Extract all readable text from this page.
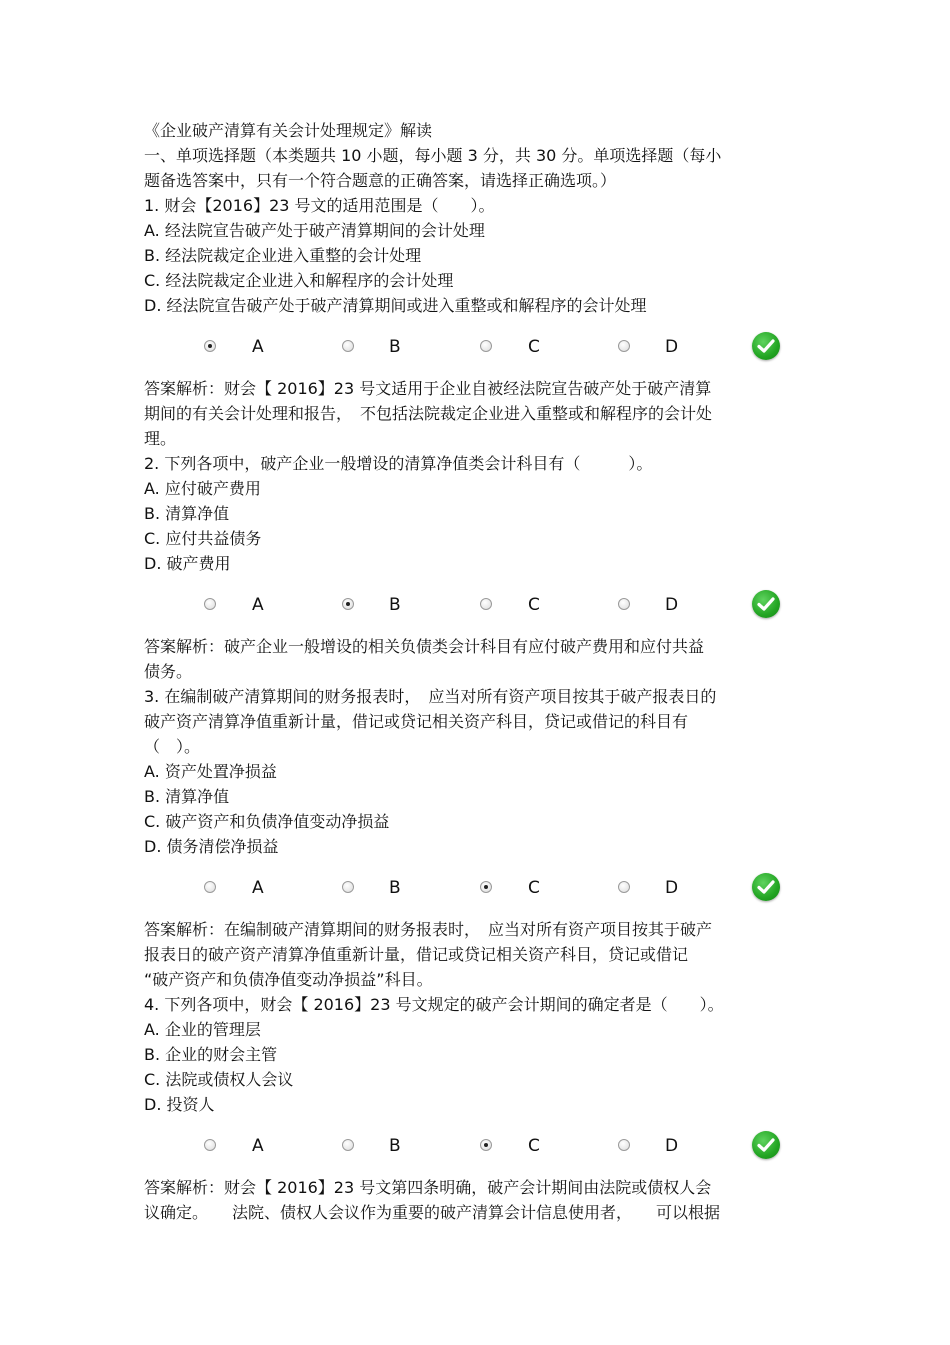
《企业破产清算有关会计处理规定》解读
一、单项选择题（本类题共 10 小题，每小题 3 分，共 30 分。单项选择题（每小
题备选答案中，只有一个符合题意的正确答案，请选择正确选项。）
1. 财会【2016】23 号文的适用范围是（　　）。
A. 经法院宣告破产处于破产清算期间的会计处理
B. 经法院裁定企业进入重整的会计处理
C. 经法院裁定企业进入和解程序的会计处理
D. 经法院宣告破产处于破产清算期间或进入重整或和解程序的会计处理
A	B	C	D
答案解析：财会【 2016】23 号文适用于企业自被经法院宣告破产处于破产清算
期间的有关会计处理和报告，　不包括法院裁定企业进入重整或和解程序的会计处
理。
2. 下列各项中，破产企业一般增设的清算净值类会计科目有（　　　）。
A. 应付破产费用
B. 清算净值
C. 应付共益债务
D. 破产费用
A	B	C	D
答案解析：破产企业一般增设的相关负债类会计科目有应付破产费用和应付共益
债务。
3. 在编制破产清算期间的财务报表时，　应当对所有资产项目按其于破产报表日的
破产资产清算净值重新计量，借记或贷记相关资产科目，贷记或借记的科目有
（　）。
A. 资产处置净损益
B. 清算净值
C. 破产资产和负债净值变动净损益
D. 债务清偿净损益
A	B	C	D
答案解析：在编制破产清算期间的财务报表时，　应当对所有资产项目按其于破产
报表日的破产资产清算净值重新计量，借记或贷记相关资产科目，贷记或借记
“破产资产和负债净值变动净损益”科目。
4. 下列各项中，财会【 2016】23 号文规定的破产会计期间的确定者是（　　）。
A. 企业的管理层
B. 企业的财会主管
C. 法院或债权人会议
D. 投资人
A	B	C	D
答案解析：财会【 2016】23 号文第四条明确，破产会计期间由法院或债权人会
议确定。　　法院、债权人会议作为重要的破产清算会计信息使用者，　　可以根据
